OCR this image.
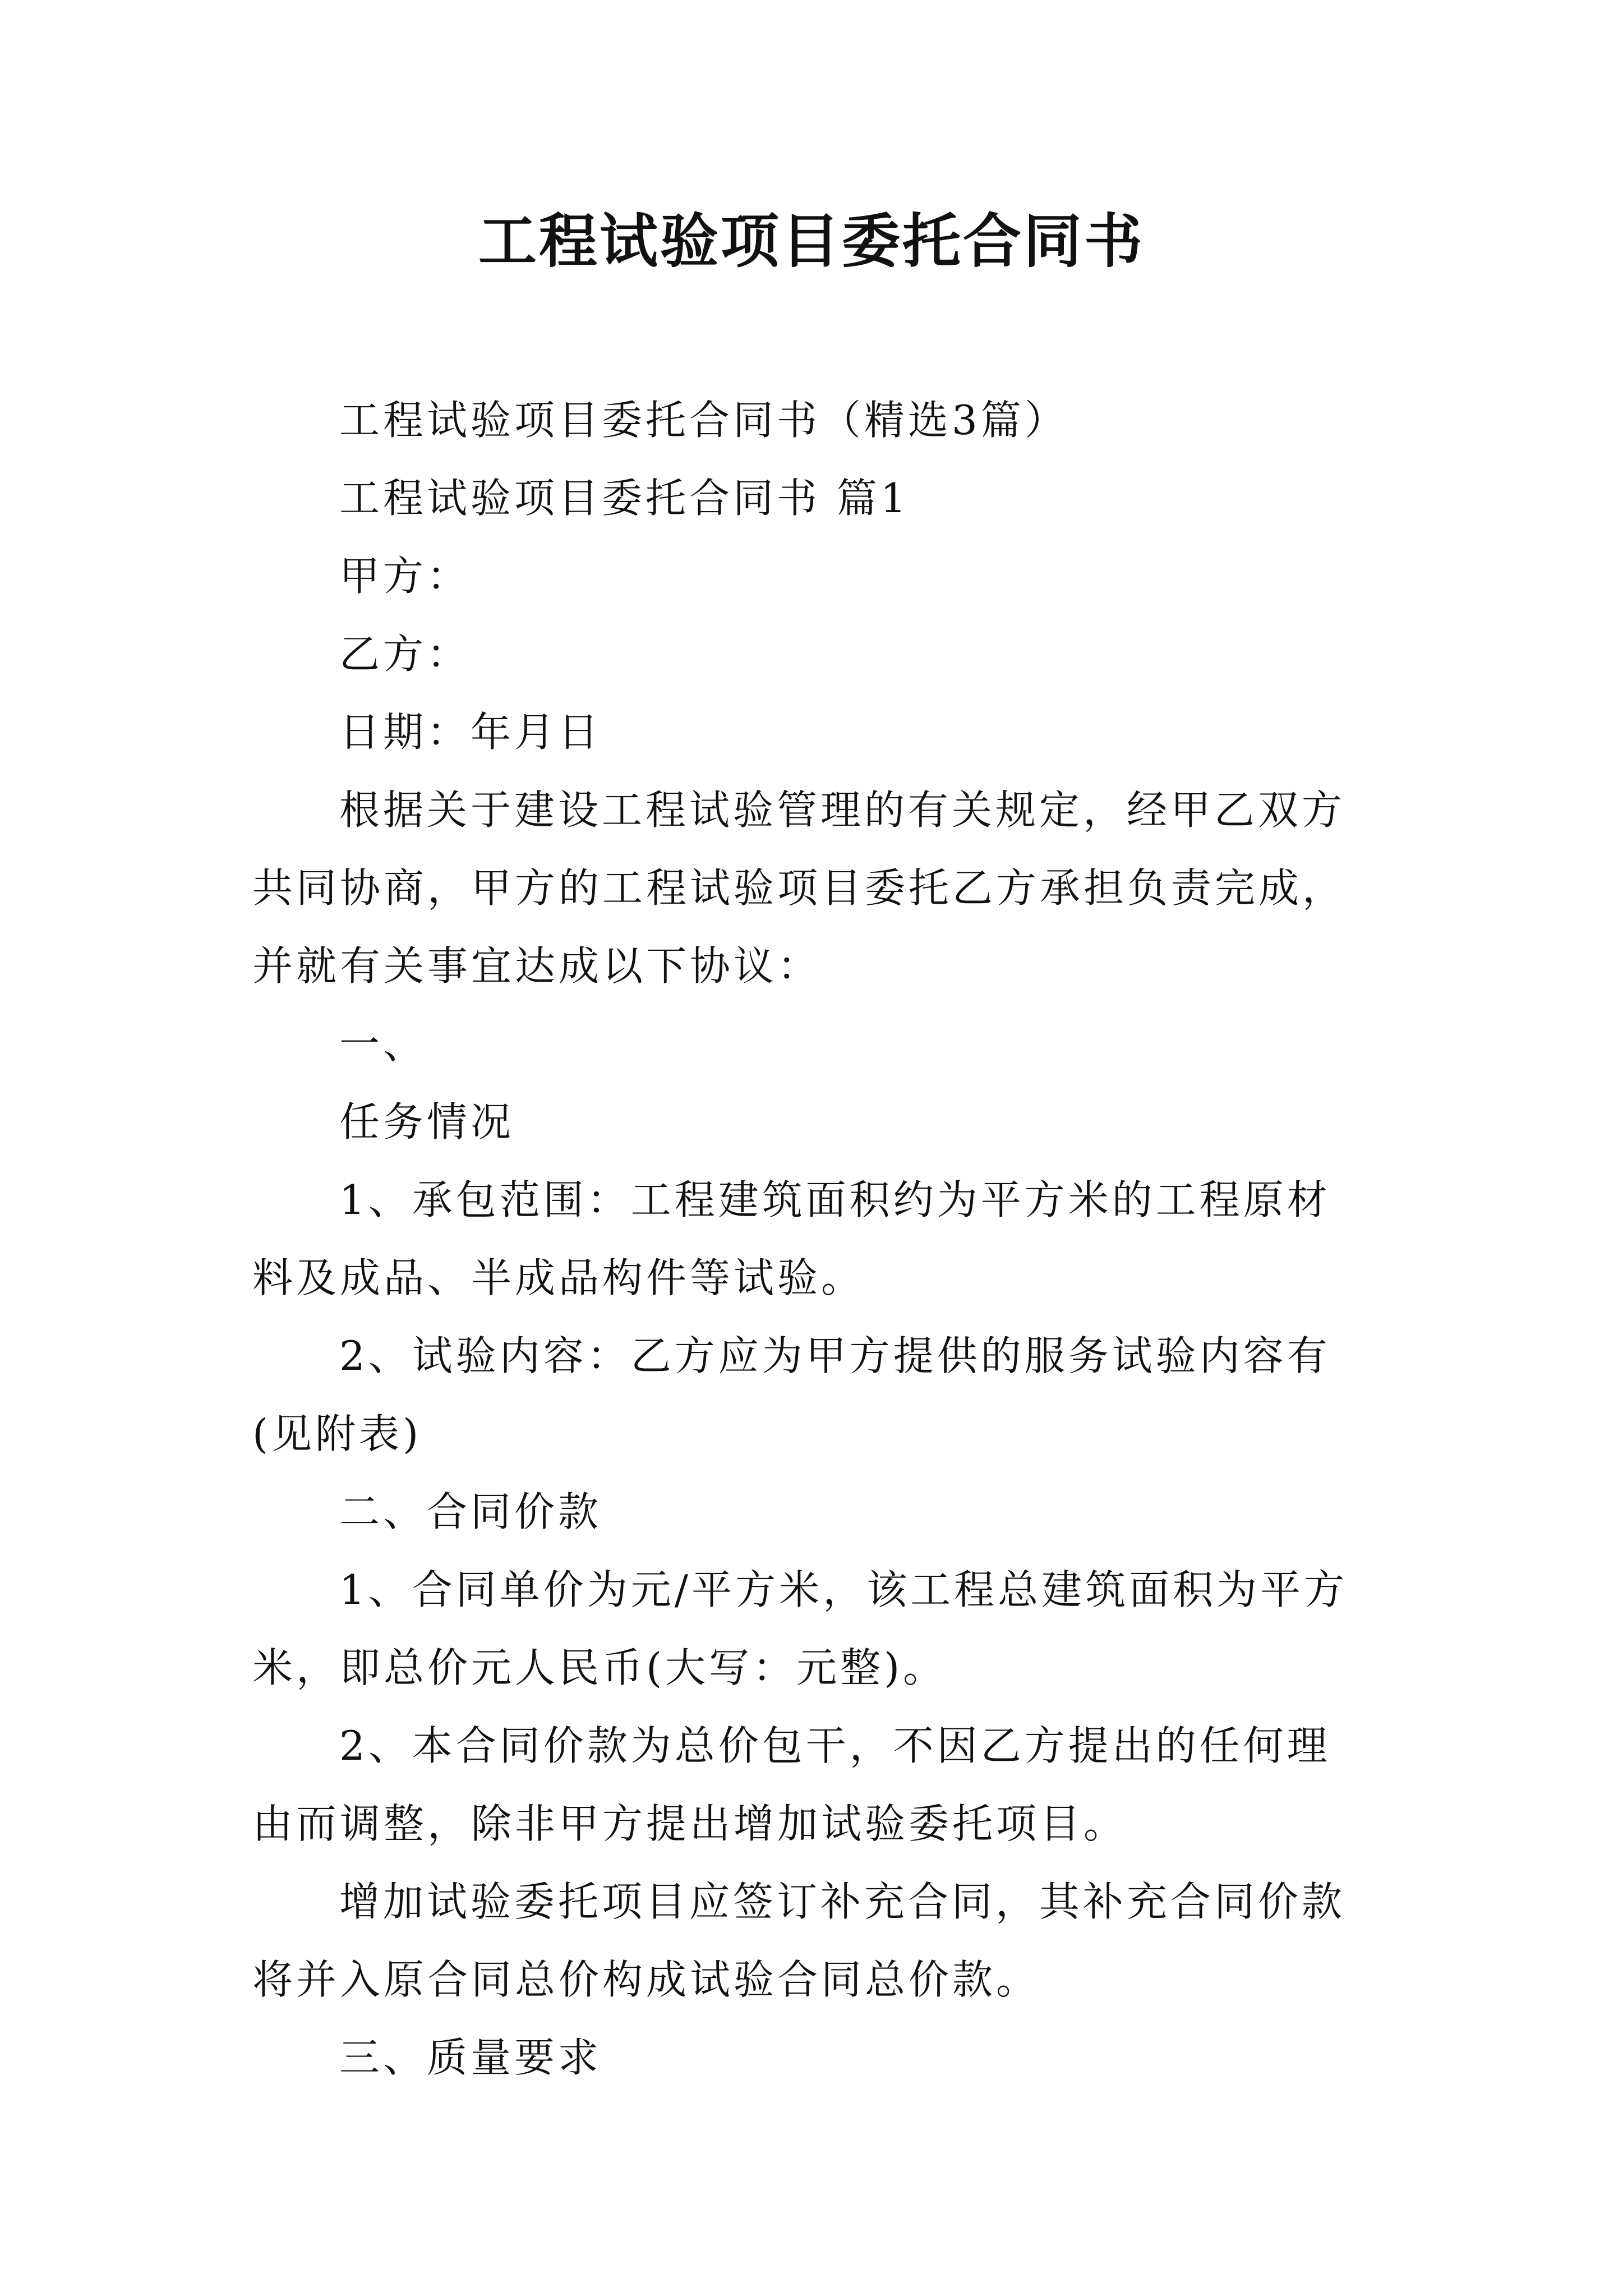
工程试验项目委托合同书

工程试验项目委托合同书（精选3篇）

工程试验项目委托合同书 篇1

甲方：

乙方：

日期：年月日

根据关于建设工程试验管理的有关规定，经甲乙双方共同协商，甲方的工程试验项目委托乙方承担负责完成，并就有关事宜达成以下协议：

一、

任务情况

1、承包范围：工程建筑面积约为平方米的工程原材料及成品、半成品构件等试验。

2、试验内容：乙方应为甲方提供的服务试验内容有(见附表)

二、合同价款

1、合同单价为元/平方米，该工程总建筑面积为平方米，即总价元人民币(大写：元整)。

2、本合同价款为总价包干，不因乙方提出的任何理由而调整，除非甲方提出增加试验委托项目。

增加试验委托项目应签订补充合同，其补充合同价款将并入原合同总价构成试验合同总价款。

三、质量要求
